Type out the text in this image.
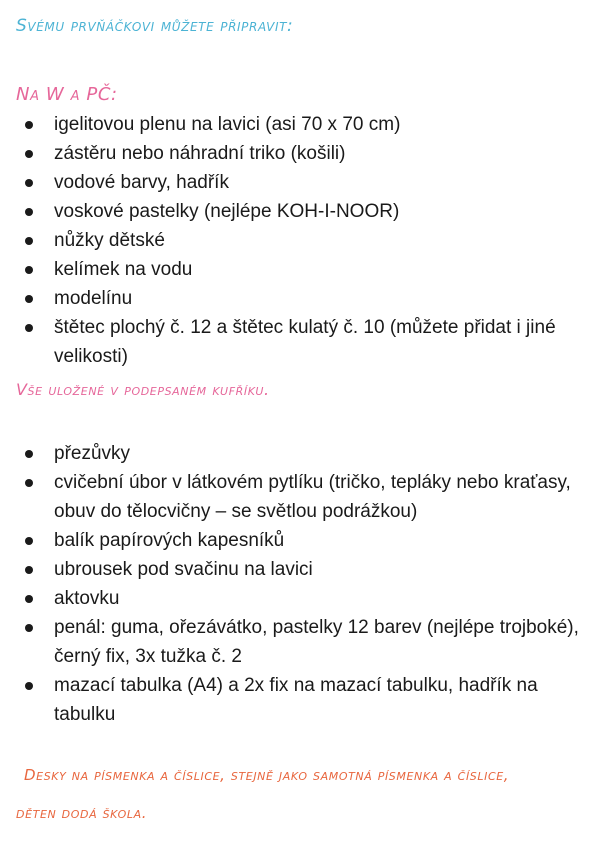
Svému prvňáčkovi můžete připravit:
Na W a PČ:
igelitovou plenu na lavici (asi 70 x 70 cm)
zástěru nebo náhradní triko (košili)
vodové barvy, hadřík
voskové pastelky (nejlépe KOH-I-NOOR)
nůžky dětské
kelímek na vodu
modelínu
štětec plochý č. 12 a štětec kulatý č. 10 (můžete přidat i jiné velikosti)
Vše uložené v podepsaném kufříku.
přezůvky
cvičební úbor v látkovém pytlíku (tričko, tepláky nebo kraťasy, obuv do tělocvičny – se světlou podrážkou)
balík papírových kapesníků
ubrousek pod svačinu na lavici
aktovku
penál: guma, ořezávátko, pastelky 12 barev (nejlépe trojboké), černý fix, 3x tužka č. 2
mazací tabulka (A4) a 2x fix na mazací tabulku, hadřík na tabulku
Desky na písmenka a číslice, stejně jako samotná písmenka a číslice,
děten dodá škola.
